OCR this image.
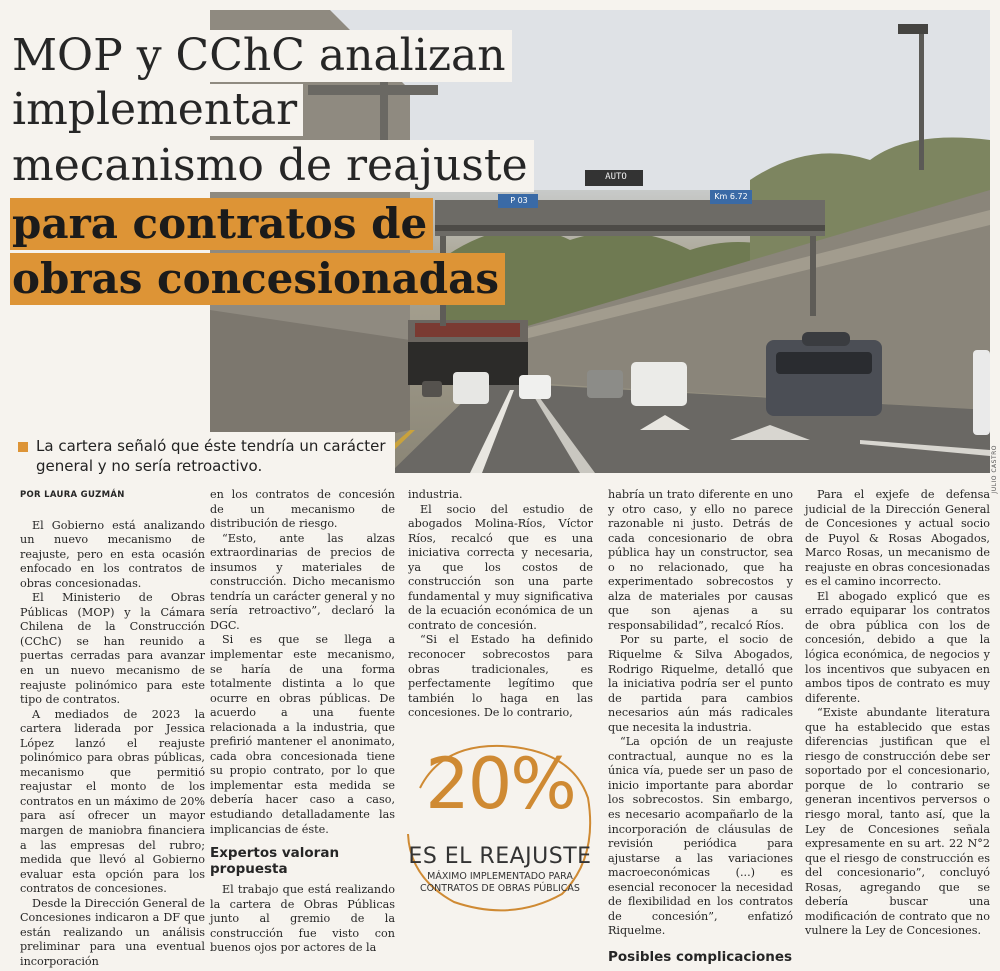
AUTO
P 03	Km 6.72
JULIO CASTRO
MOP y CChC analizan
implementar
mecanismo de reajuste
para contratos de
obras concesionadas
La cartera señaló que éste tendría un carácter general y no sería retroactivo.

POR LAURA GUZMÁN

El Gobierno está analizando un nuevo mecanismo de reajuste, pero en esta ocasión enfocado en los contratos de obras concesionadas.

El Ministerio de Obras Públicas (MOP) y la Cámara Chilena de la Construcción (CChC) se han reunido a puertas cerradas para avanzar en un nuevo mecanismo de reajuste polinómico para este tipo de contratos.

A mediados de 2023 la cartera liderada por Jessica López lanzó el reajuste polinómico para obras públicas, mecanismo que permitió reajustar el monto de los contratos en un máximo de 20% para así ofrecer un mayor margen de maniobra financiera a las empresas del rubro; medida que llevó al Gobierno evaluar esta opción para los contratos de concesiones.

Desde la Dirección General de Concesiones indicaron a DF que están realizando un análisis preliminar para una eventual incorporación

en los contratos de concesión de un mecanismo de distribución de riesgo.

“Esto, ante las alzas extraordinarias de precios de insumos y materiales de construcción. Dicho mecanismo tendría un carácter general y no sería retroactivo”, declaró la DGC.

Si es que se llega a implementar este mecanismo, se haría de una forma totalmente distinta a lo que ocurre en obras públicas. De acuerdo a una fuente relacionada a la industria, que prefirió mantener el anonimato, cada obra concesionada tiene su propio contrato, por lo que implementar esta medida se debería hacer caso a caso, estudiando detalladamente las implicancias de éste.

Expertos valoran propuesta

El trabajo que está realizando la cartera de Obras Públicas junto al gremio de la construcción fue visto con buenos ojos por actores de la

industria.

El socio del estudio de abogados Molina-Ríos, Víctor Ríos, recalcó que es una iniciativa correcta y necesaria, ya que los costos de construcción son una parte fundamental y muy significativa de la ecuación económica de un contrato de concesión.

“Si el Estado ha definido reconocer sobrecostos para obras tradicionales, es perfectamente legítimo que también lo haga en las concesiones. De lo contrario,

habría un trato diferente en uno y otro caso, y ello no parece razonable ni justo. Detrás de cada concesionario de obra pública hay un constructor, sea o no relacionado, que ha experimentado sobrecostos y alza de materiales por causas que son ajenas a su responsabilidad”, recalcó Ríos.

Por su parte, el socio de Riquelme & Silva Abogados, Rodrigo Riquelme, detalló que la iniciativa podría ser el punto de partida para cambios necesarios aún más radicales que necesita la industria.

“La opción de un reajuste contractual, aunque no es la única vía, puede ser un paso de inicio importante para abordar los sobrecostos. Sin embargo, es necesario acompañarlo de la incorporación de cláusulas de revisión periódica para ajustarse a las variaciones macroeconómicas (...) es esencial reconocer la necesidad de flexibilidad en los contratos de concesión”, enfatizó Riquelme.

Posibles complicaciones

Para el exjefe de defensa judicial de la Dirección General de Concesiones y actual socio de Puyol & Rosas Abogados, Marco Rosas, un mecanismo de reajuste en obras concesionadas es el camino incorrecto.

El abogado explicó que es errado equiparar los contratos de obra pública con los de concesión, debido a que la lógica económica, de negocios y los incentivos que subyacen en ambos tipos de contrato es muy diferente.

“Existe abundante literatura que ha establecido que estas diferencias justifican que el riesgo de construcción debe ser soportado por el concesionario, porque de lo contrario se generan incentivos perversos o riesgo moral, tanto así, que la Ley de Concesiones señala expresamente en su art. 22 N°2 que el riesgo de construcción es del concesionario”, concluyó Rosas, agregando que se debería buscar una modificación de contrato que no vulnere la Ley de Concesiones.

20%
ES EL REAJUSTE
MÁXIMO IMPLEMENTADO PARA CONTRATOS DE OBRAS PÚBLICAS
